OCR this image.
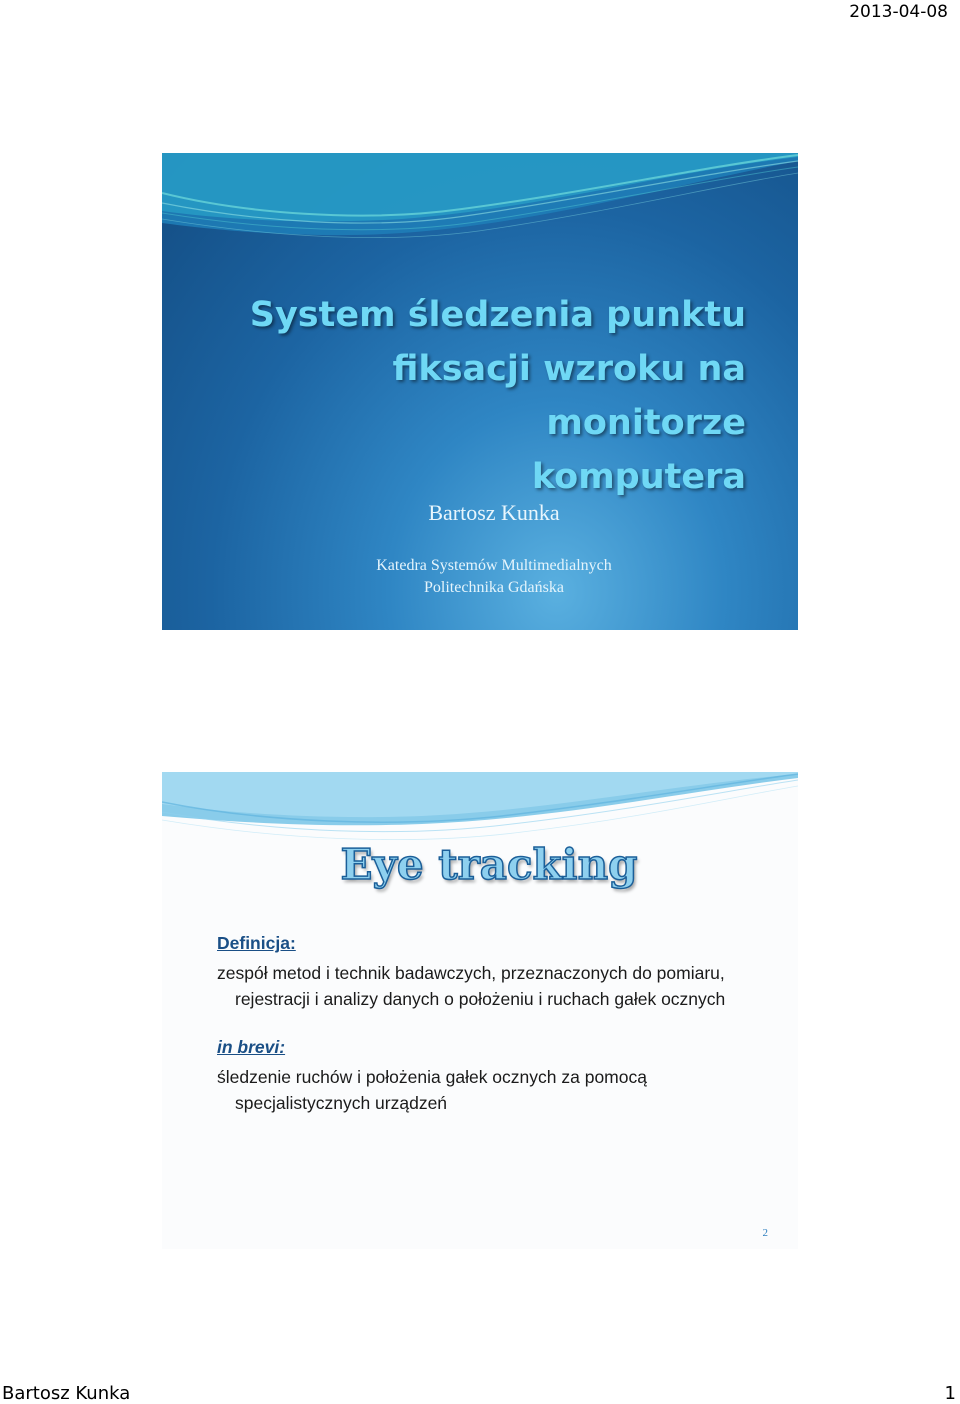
2013-04-08
System śledzenia punktu
fiksacji wzroku na monitorze
komputera
Bartosz Kunka
Katedra Systemów Multimedialnych
Politechnika Gdańska
Eye tracking
Definicja:

zespół metod i technik badawczych, przeznaczonych do pomiaru, rejestracji i analizy danych o położeniu i ruchach gałek ocznych

in brevi:

śledzenie ruchów i położenia gałek ocznych za pomocą specjalistycznych urządzeń

2
Bartosz Kunka	1
